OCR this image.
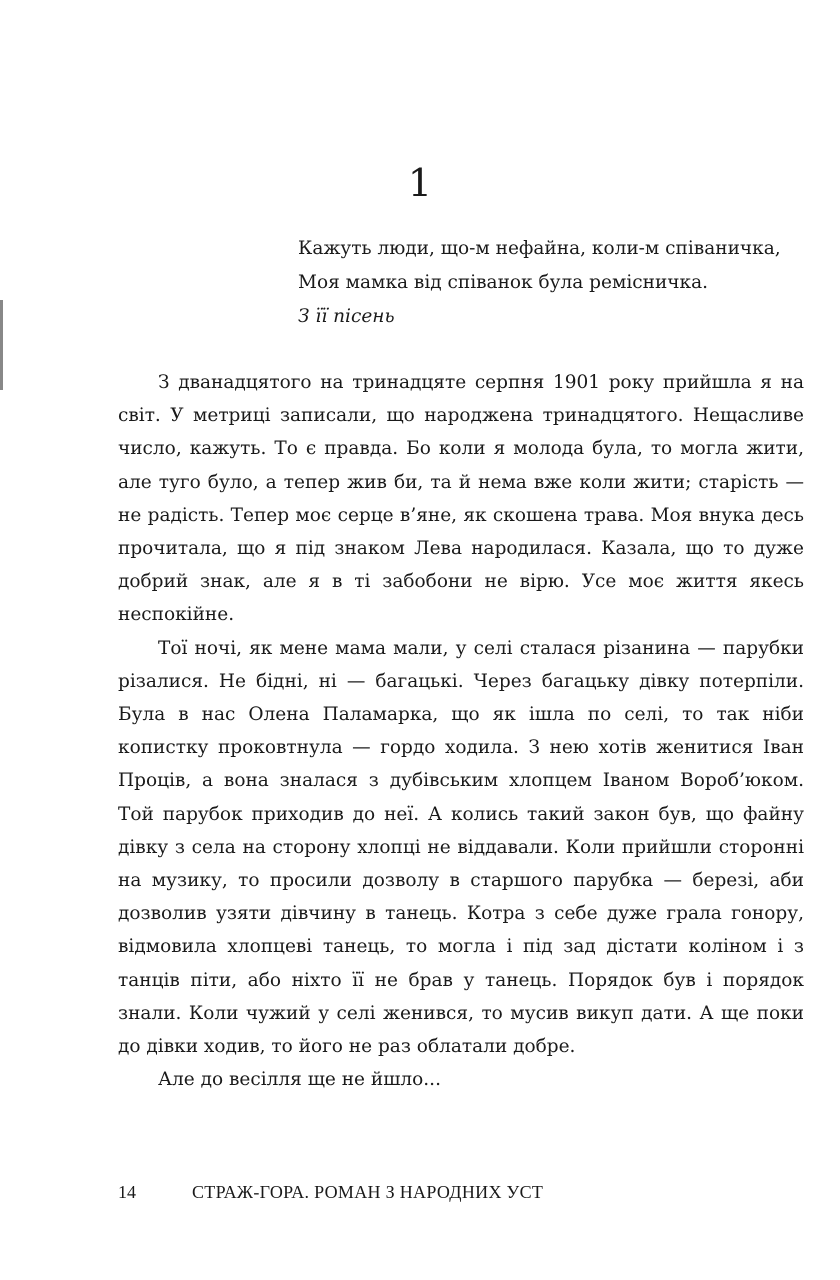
1
Кажуть люди, що-м нефайна, коли-м співаничка,
Моя мамка від співанок була ремісничка.
З її пісень

З дванадцятого на тринадцяте серпня 1901 року прийшла я на світ. У метриці записали, що народжена тринадцятого. Нещасливе число, кажуть. То є правда. Бо коли я молода була, то могла жити, але туго було, а тепер жив би, та й нема вже коли жити; старість — не радість. Тепер моє серце в’яне, як скошена трава. Моя внука десь прочитала, що я під знаком Лева народилася. Казала, що то дуже добрий знак, але я в ті забобони не вірю. Усе моє життя якесь неспокійне.

Тої ночі, як мене мама мали, у селі сталася різанина — парубки різалися. Не бідні, ні — багацькі. Через багацьку дівку потерпіли. Була в нас Олена Паламарка, що як ішла по селі, то так ніби копистку проковтнула — гордо ходила. З нею хотів женитися Іван Проців, а вона зналася з дубівським хлопцем Іваном Вороб’юком. Той парубок приходив до неї. А колись такий закон був, що файну дівку з села на сторону хлопці не віддавали. Коли прийшли сторонні на музику, то просили дозволу в старшого парубка — березі, аби дозволив узяти дівчину в танець. Котра з себе дуже грала гонору, відмовила хлопцеві танець, то могла і під зад дістати коліном і з танців піти, або ніхто її не брав у танець. Порядок був і порядок знали. Коли чужий у селі женився, то мусив викуп дати. А ще поки до дівки ходив, то його не раз облатали добре.

Але до весілля ще не йшло...

14	СТРАЖ-ГОРА. РОМАН З НАРОДНИХ УСТ
